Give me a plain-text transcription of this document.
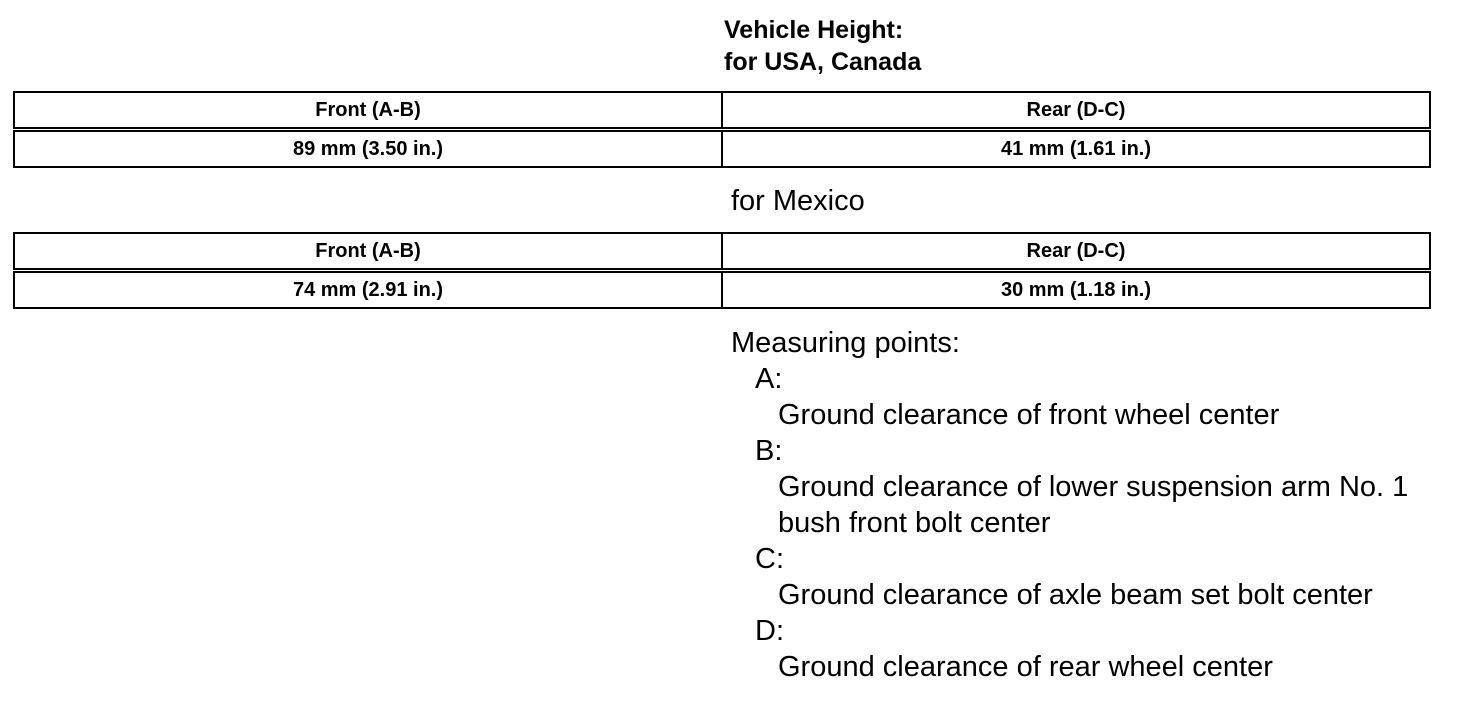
Vehicle Height:
for USA, Canada
Front (A-B)	Rear (D-C)
89 mm (3.50 in.)	41 mm (1.61 in.)
for Mexico
Front (A-B)	Rear (D-C)
74 mm (2.91 in.)	30 mm (1.18 in.)
Measuring points:
A:
Ground clearance of front wheel center
B:
Ground clearance of lower suspension arm No. 1 bush front bolt center
C:
Ground clearance of axle beam set bolt center
D:
Ground clearance of rear wheel center
